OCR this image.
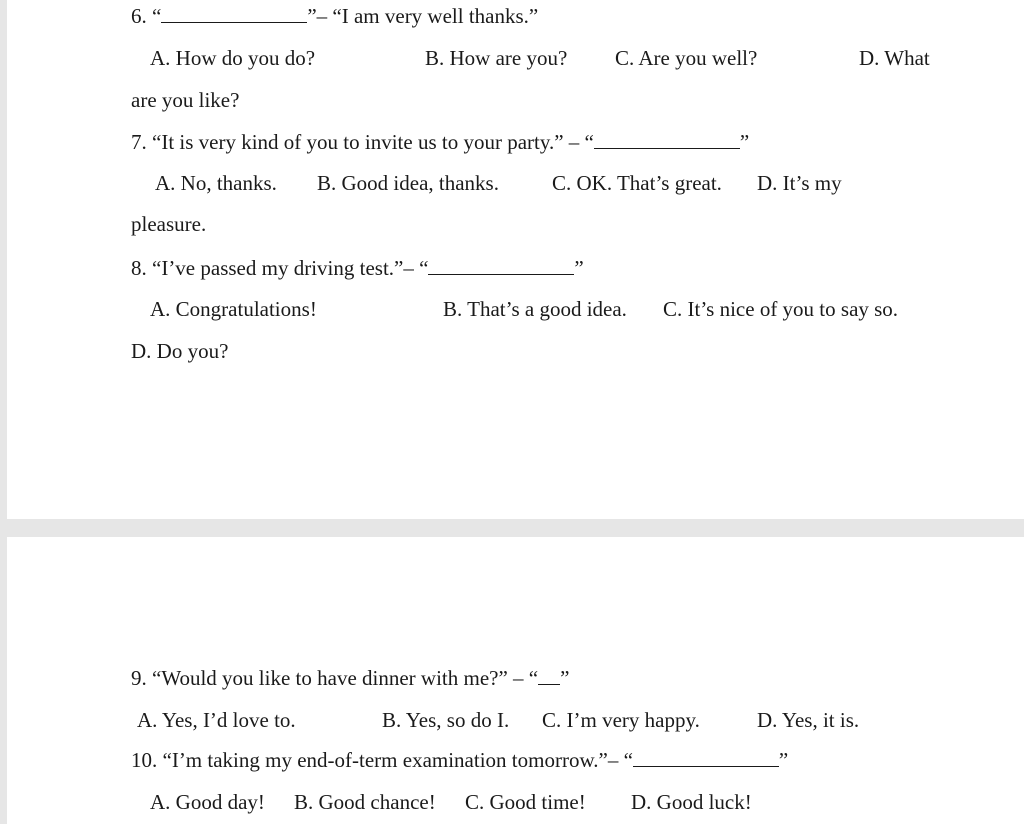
6. “	”– “I am very well thanks.”
A. How do you do?	B. How are you? C. Are you well?	D. What
are you like?
7. “It is very kind of you to invite us to your party.” – “	”
A. No, thanks. B. Good idea, thanks.	C. OK. That’s great. D. It’s my
pleasure.
8. “I’ve passed my driving test.”– “	”
A. Congratulations!	B. That’s a good idea. C. It’s nice of you to say so.
D. Do you?
9. “Would you like to have dinner with me?” – “ ”
A. Yes, I’d love to.	B. Yes, so do I. C. I’m very happy.	D. Yes, it is.
10. “I’m taking my end-of-term examination tomorrow.”– “	”
A. Good day! B. Good chance! C. Good time! D. Good luck!
